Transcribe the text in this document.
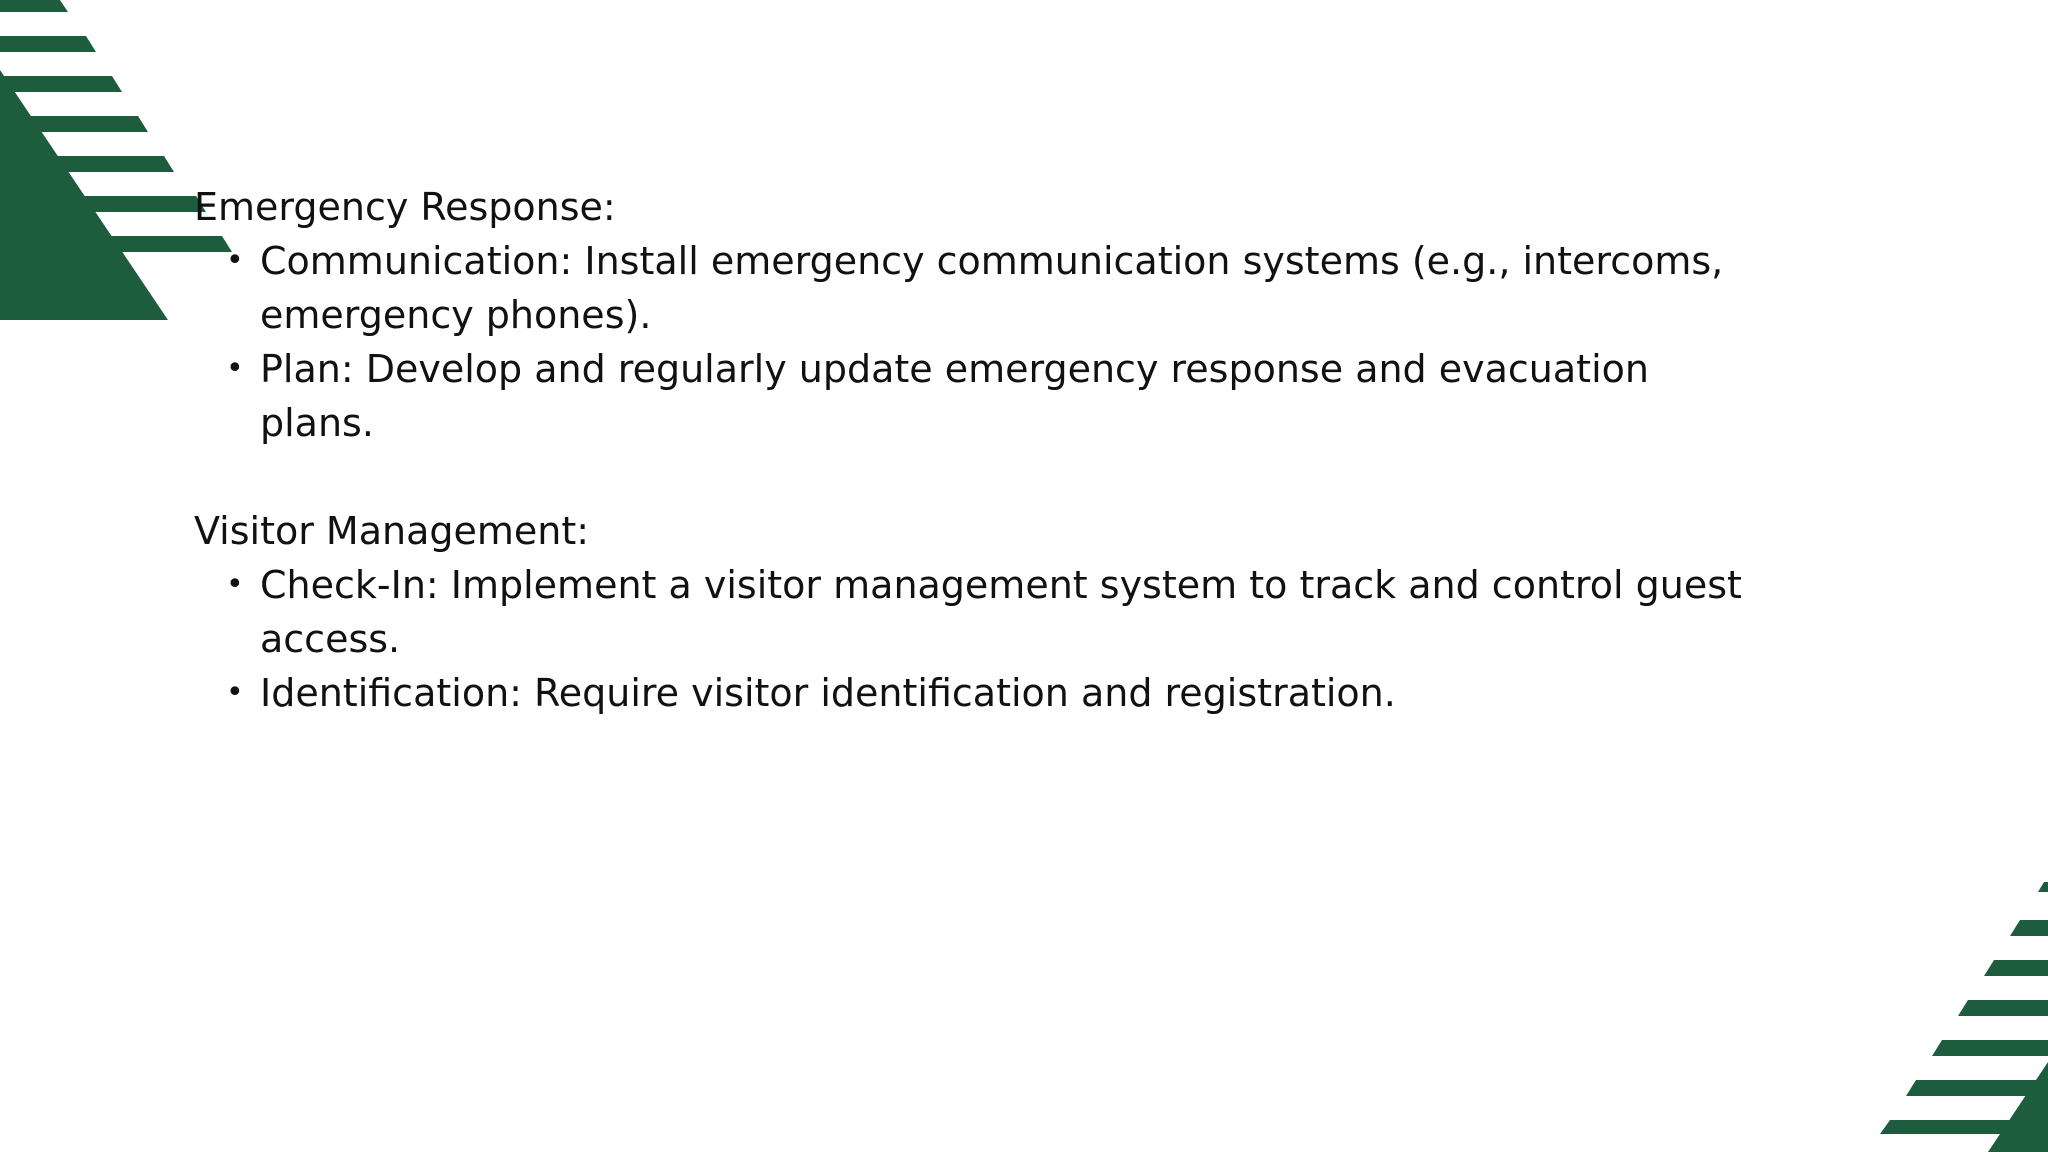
Emergency Response:

• Communication: Install emergency communication systems (e.g., intercoms, emergency phones).
• Plan: Develop and regularly update emergency response and evacuation plans.

Visitor Management:

• Check-In: Implement a visitor management system to track and control guest access.
• Identification: Require visitor identification and registration.
